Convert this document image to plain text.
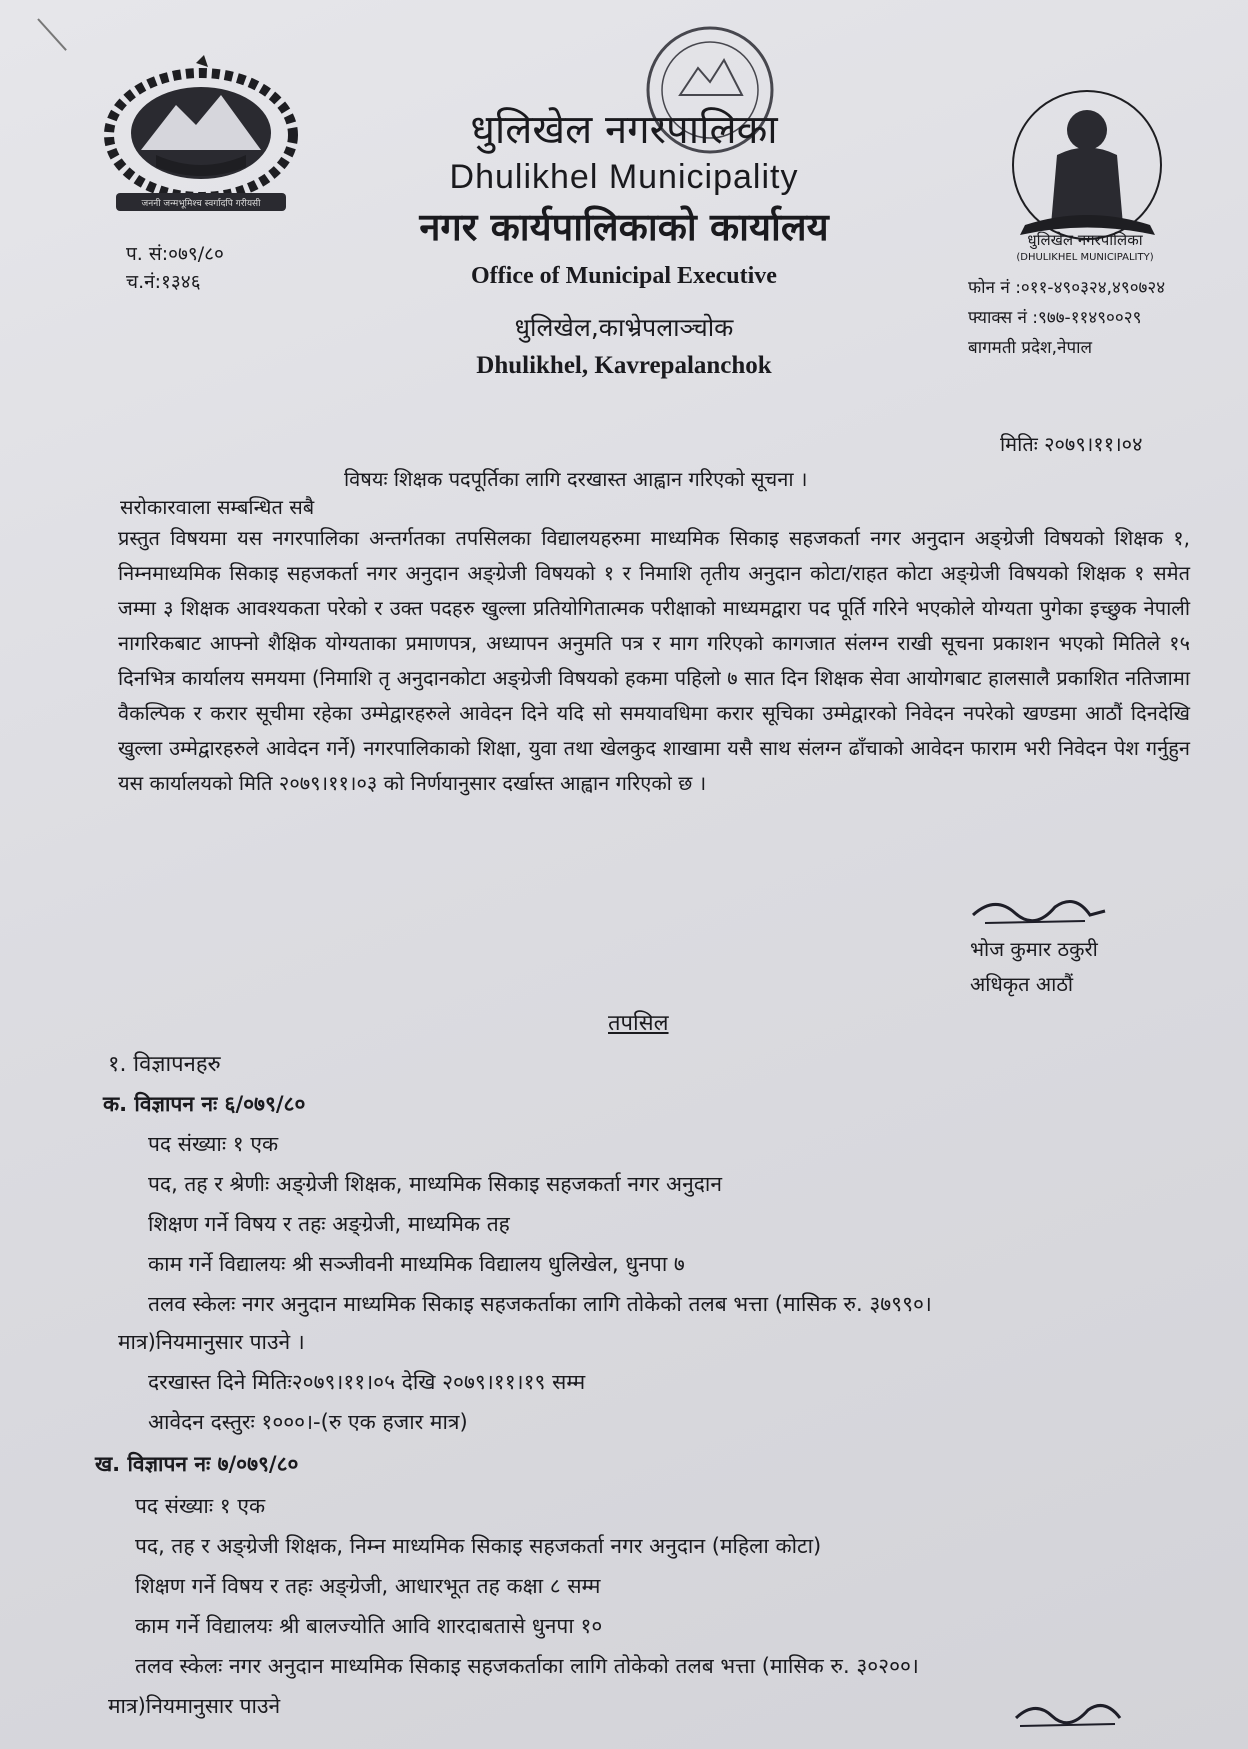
जननी जन्मभूमिश्च स्वर्गादपि गरीयसी
धुलिखेल नगरपालिका
(DHULIKHEL MUNICIPALITY)
धुलिखेल नगरपालिका
Dhulikhel Municipality
नगर कार्यपालिकाको कार्यालय
Office of Municipal Executive
धुलिखेल,काभ्रेपलाञ्चोक
Dhulikhel, Kavrepalanchok
प. सं:०७९/८०
च.नं:१३४६	फोन नं :०११-४९०३२४,४९०७२४
फ्याक्स नं :९७७-११४९००२९
बागमती प्रदेश,नेपाल
मितिः २०७९।११।०४
विषयः शिक्षक पदपूर्तिका लागि दरखास्त आह्वान गरिएको सूचना ।
सरोकारवाला सम्बन्धित सबै
प्रस्तुत विषयमा यस नगरपालिका अन्तर्गतका तपसिलका विद्यालयहरुमा माध्यमिक सिकाइ सहजकर्ता नगर अनुदान अङ्ग्रेजी विषयको शिक्षक १, निम्नमाध्यमिक सिकाइ सहजकर्ता नगर अनुदान अङ्ग्रेजी विषयको १ र निमाशि तृतीय अनुदान कोटा/राहत कोटा अङ्ग्रेजी विषयको शिक्षक १ समेत जम्मा ३ शिक्षक आवश्यकता परेको र उक्त पदहरु खुल्ला प्रतियोगितात्मक परीक्षाको माध्यमद्वारा पद पूर्ति गरिने भएकोले योग्यता पुगेका इच्छुक नेपाली नागरिकबाट आफ्नो शैक्षिक योग्यताका प्रमाणपत्र, अध्यापन अनुमति पत्र र माग गरिएको कागजात संलग्न राखी सूचना प्रकाशन भएको मितिले १५ दिनभित्र कार्यालय समयमा (निमाशि तृ अनुदानकोटा अङ्ग्रेजी विषयको हकमा पहिलो ७ सात दिन शिक्षक सेवा आयोगबाट हालसालै प्रकाशित नतिजामा वैकल्पिक र करार सूचीमा रहेका उम्मेद्वारहरुले आवेदन दिने यदि सो समयावधिमा करार सूचिका उम्मेद्वारको निवेदन नपरेको खण्डमा आठौं दिनदेखि खुल्ला उम्मेद्वारहरुले आवेदन गर्ने) नगरपालिकाको शिक्षा, युवा तथा खेलकुद शाखामा यसै साथ संलग्न ढाँचाको आवेदन फाराम भरी निवेदन पेश गर्नुहुन यस कार्यालयको मिति २०७९।११।०३ को निर्णयानुसार दर्खास्त आह्वान गरिएको छ ।
भोज कुमार ठकुरी
अधिकृत आठौं
तपसिल
१. विज्ञापनहरु
क. विज्ञापन नः ६/०७९/८०
पद संख्याः १ एक
पद, तह र श्रेणीः अङ्ग्रेजी शिक्षक, माध्यमिक सिकाइ सहजकर्ता नगर अनुदान
शिक्षण गर्ने विषय र तहः अङ्ग्रेजी, माध्यमिक तह
काम गर्ने विद्यालयः श्री सञ्जीवनी माध्यमिक विद्यालय धुलिखेल, धुनपा ७
तलव स्केलः नगर अनुदान माध्यमिक सिकाइ सहजकर्ताका लागि तोकेको तलब भत्ता (मासिक रु. ३७९९०।
मात्र)नियमानुसार पाउने ।
दरखास्त दिने मितिः२०७९।११।०५ देखि २०७९।११।१९ सम्म
आवेदन दस्तुरः १०००।-(रु एक हजार मात्र)
ख. विज्ञापन नः ७/०७९/८०
पद संख्याः १ एक
पद, तह र अङ्ग्रेजी शिक्षक, निम्न माध्यमिक सिकाइ सहजकर्ता नगर अनुदान (महिला कोटा)
शिक्षण गर्ने विषय र तहः अङ्ग्रेजी, आधारभूत तह कक्षा ८ सम्म
काम गर्ने विद्यालयः श्री बालज्योति आवि शारदाबतासे धुनपा १०
तलव स्केलः नगर अनुदान माध्यमिक सिकाइ सहजकर्ताका लागि तोकेको तलब भत्ता (मासिक रु. ३०२००।
मात्र)नियमानुसार पाउने
